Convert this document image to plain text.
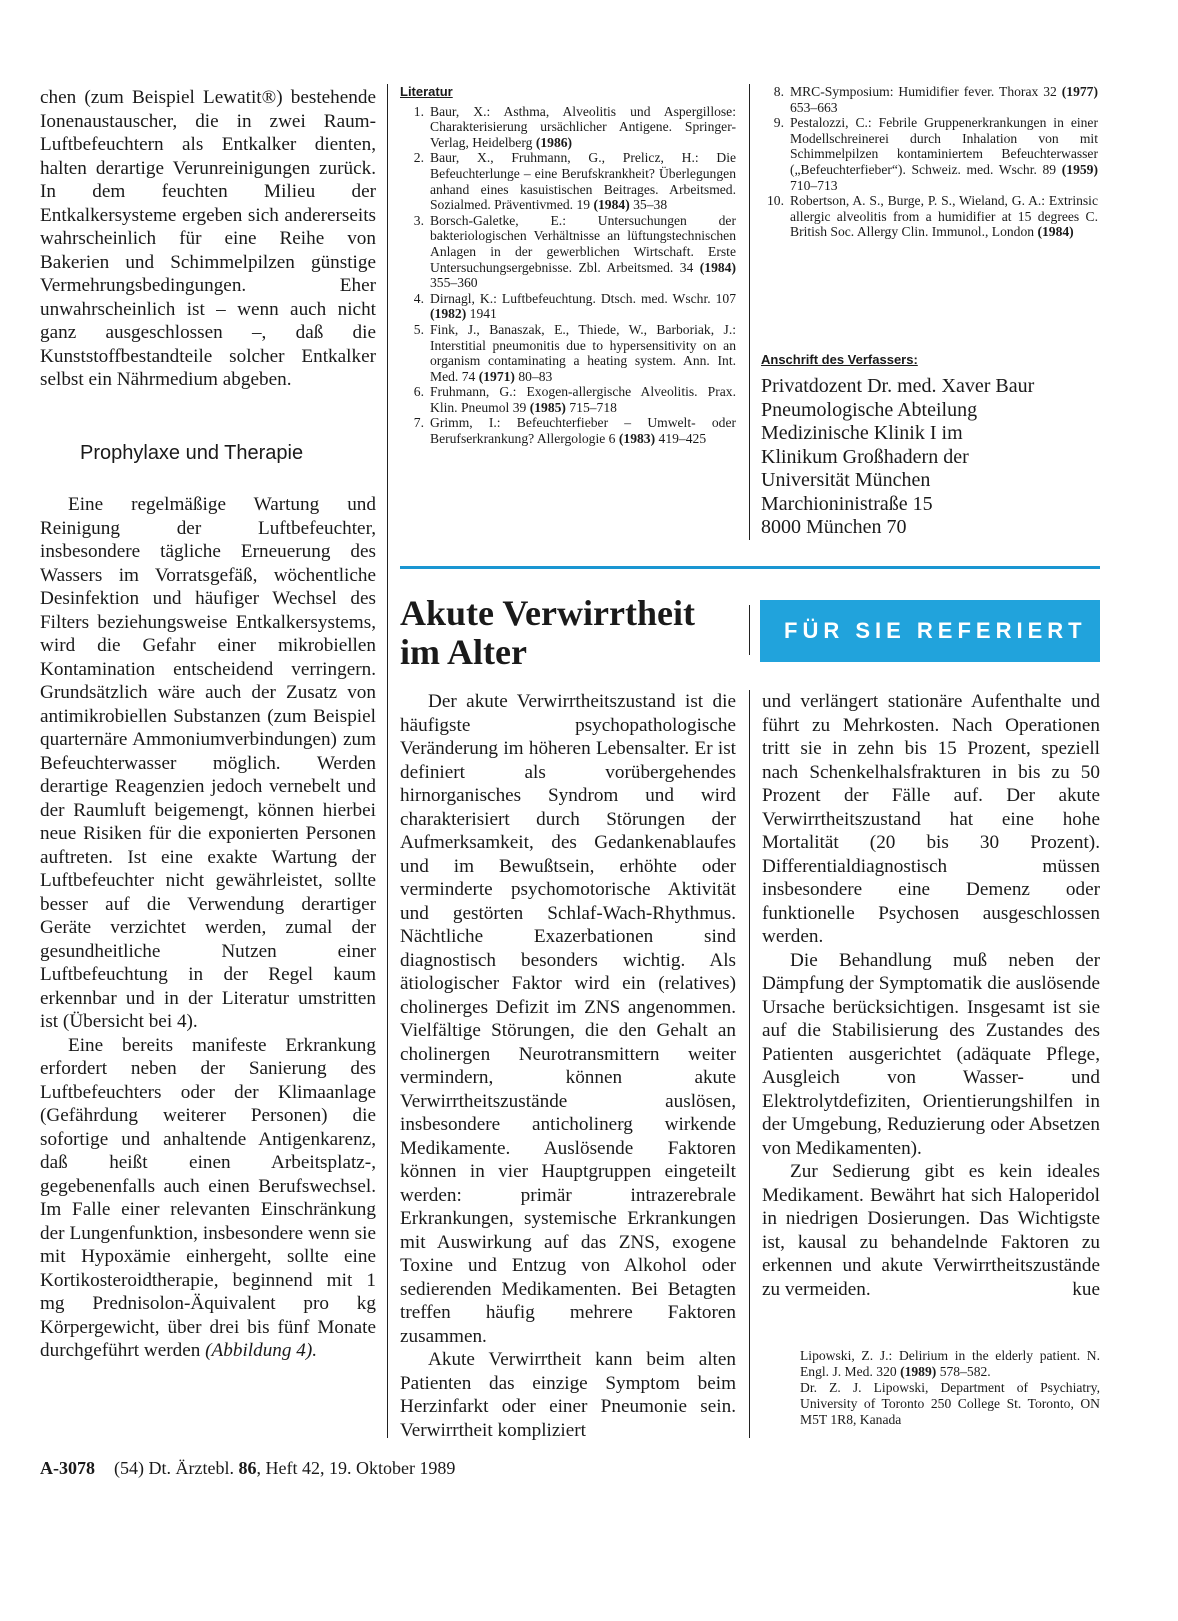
chen (zum Beispiel Lewatit®) bestehende Ionenaustauscher, die in zwei Raum-Luftbefeuchtern als Entkalker dienten, halten derartige Verunreinigungen zurück. In dem feuchten Milieu der Entkalkersysteme ergeben sich andererseits wahrscheinlich für eine Reihe von Bakerien und Schimmelpilzen günstige Vermehrungsbedingungen. Eher unwahrscheinlich ist – wenn auch nicht ganz ausgeschlossen –, daß die Kunststoffbestandteile solcher Entkalker selbst ein Nährmedium abgeben.

Prophylaxe und Therapie

Eine regelmäßige Wartung und Reinigung der Luftbefeuchter, insbesondere tägliche Erneuerung des Wassers im Vorratsgefäß, wöchentliche Desinfektion und häufiger Wechsel des Filters beziehungsweise Entkalkersystems, wird die Gefahr einer mikrobiellen Kontamination entscheidend verringern. Grundsätzlich wäre auch der Zusatz von antimikrobiellen Substanzen (zum Beispiel quarternäre Ammoniumverbindungen) zum Befeuchterwasser möglich. Werden derartige Reagenzien jedoch vernebelt und der Raumluft beigemengt, können hierbei neue Risiken für die exponierten Personen auftreten. Ist eine exakte Wartung der Luftbefeuchter nicht gewährleistet, sollte besser auf die Verwendung derartiger Geräte verzichtet werden, zumal der gesundheitliche Nutzen einer Luftbefeuchtung in der Regel kaum erkennbar und in der Literatur umstritten ist (Übersicht bei 4).

Eine bereits manifeste Erkrankung erfordert neben der Sanierung des Luftbefeuchters oder der Klimaanlage (Gefährdung weiterer Personen) die sofortige und anhaltende Antigenkarenz, daß heißt einen Arbeitsplatz-, gegebenenfalls auch einen Berufswechsel. Im Falle einer relevanten Einschränkung der Lungenfunktion, insbesondere wenn sie mit Hypoxämie einhergeht, sollte eine Kortikosteroidtherapie, beginnend mit 1 mg Prednisolon-Äquivalent pro kg Körpergewicht, über drei bis fünf Monate durchgeführt werden (Abbildung 4).

Literatur
1. Baur, X.: Asthma, Alveolitis und Aspergillose: Charakterisierung ursächlicher Antigene. Springer-Verlag, Heidelberg (1986)
2. Baur, X., Fruhmann, G., Prelicz, H.: Die Befeuchterlunge – eine Berufskrankheit? Überlegungen anhand eines kasuistischen Beitrages. Arbeitsmed. Sozialmed. Präventivmed. 19 (1984) 35–38
3. Borsch-Galetke, E.: Untersuchungen der bakteriologischen Verhältnisse an lüftungstechnischen Anlagen in der gewerblichen Wirtschaft. Erste Untersuchungsergebnisse. Zbl. Arbeitsmed. 34 (1984) 355–360
4. Dirnagl, K.: Luftbefeuchtung. Dtsch. med. Wschr. 107 (1982) 1941
5. Fink, J., Banaszak, E., Thiede, W., Barboriak, J.: Interstitial pneumonitis due to hypersensitivity on an organism contaminating a heating system. Ann. Int. Med. 74 (1971) 80–83
6. Fruhmann, G.: Exogen-allergische Alveolitis. Prax. Klin. Pneumol 39 (1985) 715–718
7. Grimm, I.: Befeuchterfieber – Umwelt- oder Berufserkrankung? Allergologie 6 (1983) 419–425
8. MRC-Symposium: Humidifier fever. Thorax 32 (1977) 653–663
9. Pestalozzi, C.: Febrile Gruppenerkrankungen in einer Modellschreinerei durch Inhalation von mit Schimmelpilzen kontaminiertem Befeuchterwasser („Befeuchterfieber“). Schweiz. med. Wschr. 89 (1959) 710–713
10. Robertson, A. S., Burge, P. S., Wieland, G. A.: Extrinsic allergic alveolitis from a humidifier at 15 degrees C. British Soc. Allergy Clin. Immunol., London (1984)
Anschrift des Verfassers:
Privatdozent Dr. med. Xaver Baur
Pneumologische Abteilung
Medizinische Klinik I im
Klinikum Großhadern der
Universität München
Marchioninistraße 15
8000 München 70
Akute Verwirrtheit
im Alter
FÜR SIE REFERIERT

Der akute Verwirrtheitszustand ist die häufigste psychopathologische Veränderung im höheren Lebensalter. Er ist definiert als vorübergehendes hirnorganisches Syndrom und wird charakterisiert durch Störungen der Aufmerksamkeit, des Gedankenablaufes und im Bewußtsein, erhöhte oder verminderte psychomotorische Aktivität und gestörten Schlaf-Wach-Rhythmus. Nächtliche Exazerbationen sind diagnostisch besonders wichtig. Als ätiologischer Faktor wird ein (relatives) cholinerges Defizit im ZNS angenommen. Vielfältige Störungen, die den Gehalt an cholinergen Neurotransmittern weiter vermindern, können akute Verwirrtheitszustände auslösen, insbesondere anticholinerg wirkende Medikamente. Auslösende Faktoren können in vier Hauptgruppen eingeteilt werden: primär intrazerebrale Erkrankungen, systemische Erkrankungen mit Auswirkung auf das ZNS, exogene Toxine und Entzug von Alkohol oder sedierenden Medikamenten. Bei Betagten treffen häufig mehrere Faktoren zusammen.

Akute Verwirrtheit kann beim alten Patienten das einzige Symptom beim Herzinfarkt oder einer Pneumonie sein. Verwirrtheit kompliziert

und verlängert stationäre Aufenthalte und führt zu Mehrkosten. Nach Operationen tritt sie in zehn bis 15 Prozent, speziell nach Schenkelhalsfrakturen in bis zu 50 Prozent der Fälle auf. Der akute Verwirrtheitszustand hat eine hohe Mortalität (20 bis 30 Prozent). Differentialdiagnostisch müssen insbesondere eine Demenz oder funktionelle Psychosen ausgeschlossen werden.

Die Behandlung muß neben der Dämpfung der Symptomatik die auslösende Ursache berücksichtigen. Insgesamt ist sie auf die Stabilisierung des Zustandes des Patienten ausgerichtet (adäquate Pflege, Ausgleich von Wasser- und Elektrolytdefiziten, Orientierungshilfen in der Umgebung, Reduzierung oder Absetzen von Medikamenten).

Zur Sedierung gibt es kein ideales Medikament. Bewährt hat sich Haloperidol in niedrigen Dosierungen. Das Wichtigste ist, kausal zu behandelnde Faktoren zu erkennen und akute Verwirrtheitszustände zu vermeiden.	kue

Lipowski, Z. J.: Delirium in the elderly patient. N. Engl. J. Med. 320 (1989) 578–582.

Dr. Z. J. Lipowski, Department of Psychiatry, University of Toronto 250 College St. Toronto, ON M5T 1R8, Kanada

A-3078 (54) Dt. Ärztebl. 86, Heft 42, 19. Oktober 1989
